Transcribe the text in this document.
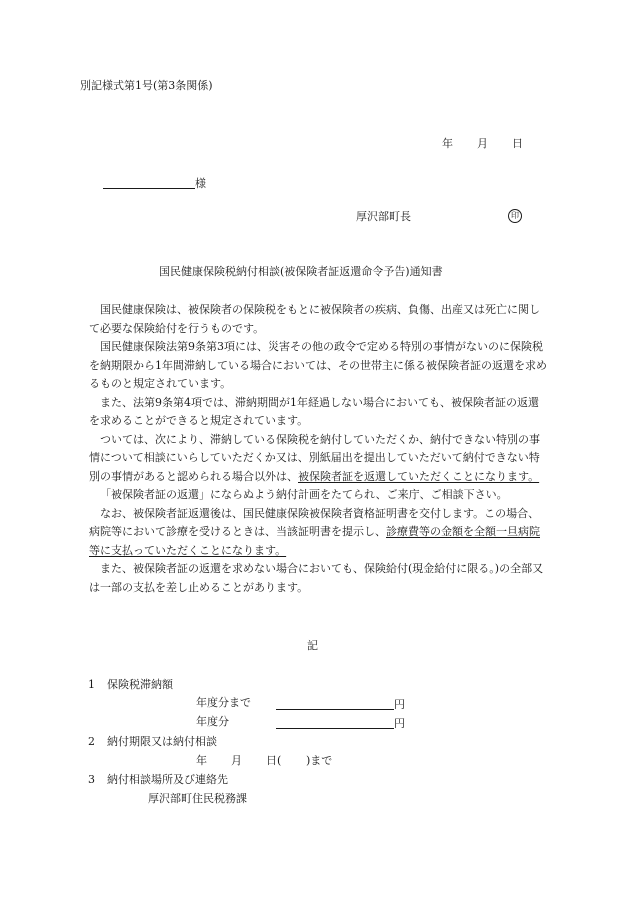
別記様式第1号(第3条関係)
年 月 日
様
厚沢部町長	印
国民健康保険税納付相談(被保険者証返還命令予告)通知書

国民健康保険は、被保険者の保険税をもとに被保険者の疾病、負傷、出産又は死亡に関して必要な保険給付を行うものです。

国民健康保険法第9条第3項には、災害その他の政令で定める特別の事情がないのに保険税を納期限から1年間滞納している場合においては、その世帯主に係る被保険者証の返還を求めるものと規定されています。

また、法第9条第4項では、滞納期間が1年経過しない場合においても、被保険者証の返還を求めることができると規定されています。

ついては、次により、滞納している保険税を納付していただくか、納付できない特別の事情について相談にいらしていただくか又は、別紙届出を提出していただいて納付できない特別の事情があると認められる場合以外は、被保険者証を返還していただくことになります。

「被保険者証の返還」にならぬよう納付計画をたてられ、ご来庁、ご相談下さい。

なお、被保険者証返還後は、国民健康保険被保険者資格証明書を交付します。この場合、病院等において診療を受けるときは、当該証明書を提示し、診療費等の金額を全額一旦病院等に支払っていただくことになります。

また、被保険者証の返還を求めない場合においても、保険給付(現金給付に限る。)の全部又は一部の支払を差し止めることがあります。

記
1 保険税滞納額
年度分まで	円
年度分	円
2 納付期限又は納付相談
年 月 日( )まで
3 納付相談場所及び連絡先
厚沢部町住民税務課
